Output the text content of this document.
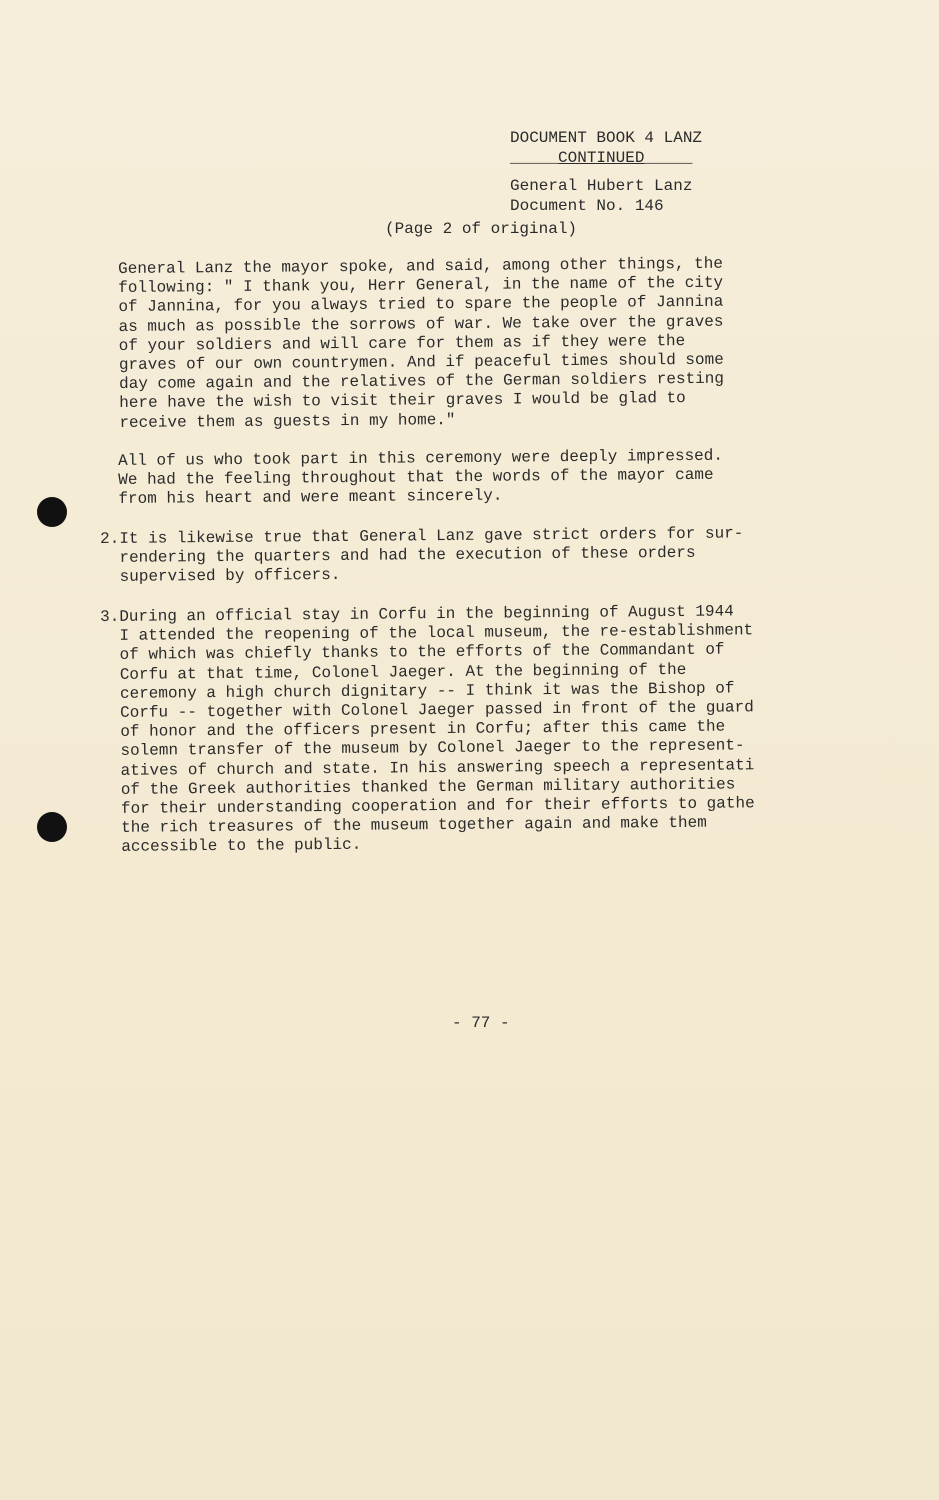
DOCUMENT BOOK 4 LANZ
_____CONTINUED_____
General Hubert Lanz
Document No. 146
(Page 2 of original)
General Lanz the mayor spoke, and said, among other things, the
following: " I thank you, Herr General, in the name of the city
of Jannina, for you always tried to spare the people of Jannina
as much as possible the sorrows of war. We take over the graves
of your soldiers and will care for them as if they were the
graves of our own countrymen. And if peaceful times should some
day come again and the relatives of the German soldiers resting
here have the wish to visit their graves I would be glad to
receive them as guests in my home."
All of us who took part in this ceremony were deeply impressed.
We had the feeling throughout that the words of the mayor came
from his heart and were meant sincerely.
2.It is likewise true that General Lanz gave strict orders for sur-
rendering the quarters and had the execution of these orders
supervised by officers.
3.During an official stay in Corfu in the beginning of August 1944
I attended the reopening of the local museum, the re-establishment
of which was chiefly thanks to the efforts of the Commandant of
Corfu at that time, Colonel Jaeger. At the beginning of the
ceremony a high church dignitary -- I think it was the Bishop of
Corfu -- together with Colonel Jaeger passed in front of the guard
of honor and the officers present in Corfu; after this came the
solemn transfer of the museum by Colonel Jaeger to the represent-
atives of church and state. In his answering speech a representati
of the Greek authorities thanked the German military authorities
for their understanding cooperation and for their efforts to gathe
the rich treasures of the museum together again and make them
accessible to the public.
- 77 -
